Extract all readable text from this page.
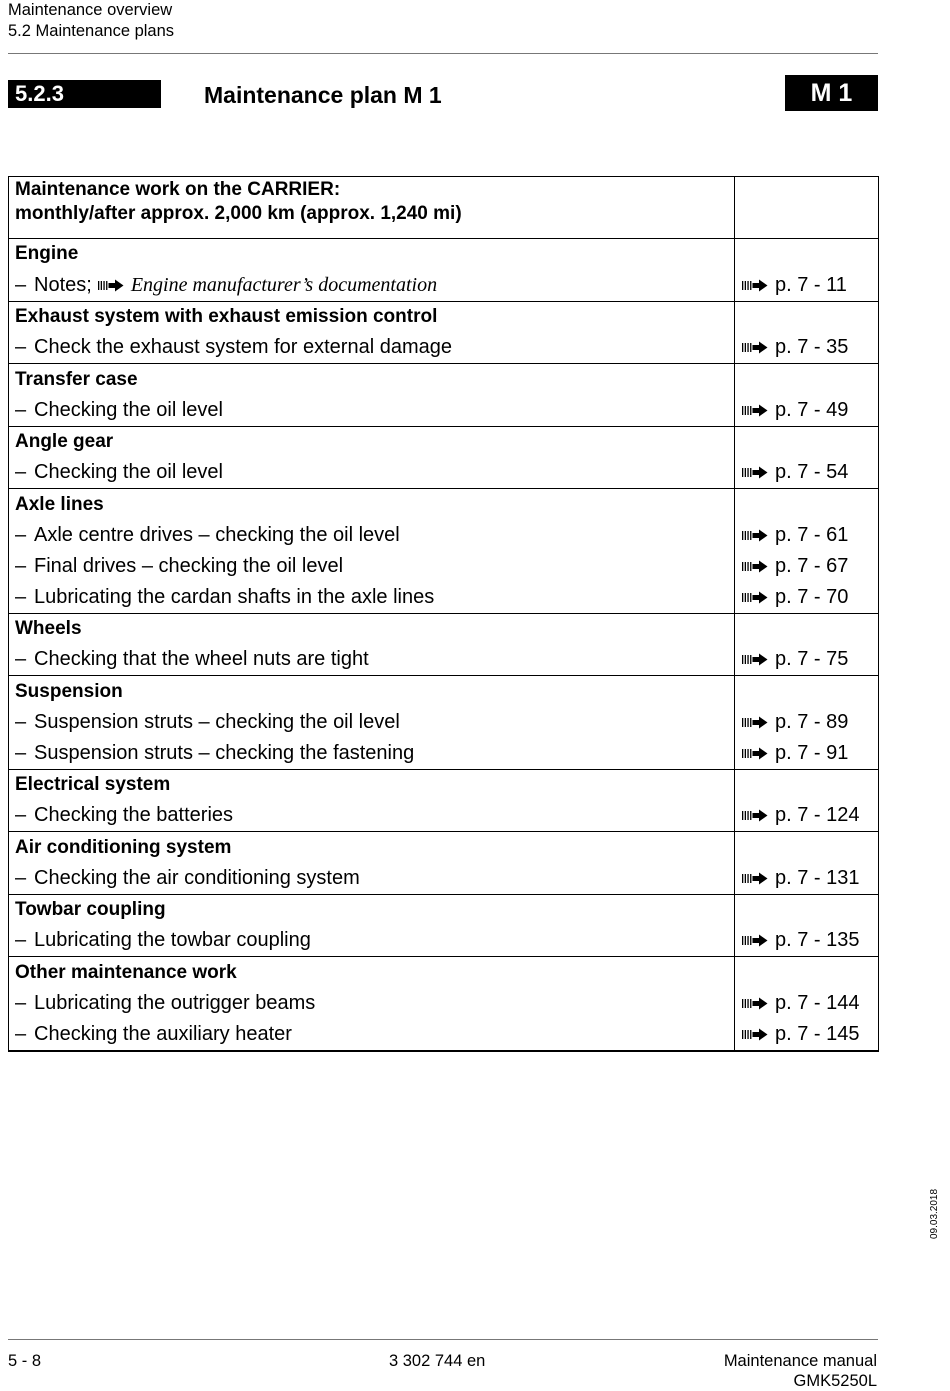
Maintenance overview
5.2 Maintenance plans
5.2.3	Maintenance plan M 1	M 1
Maintenance work on the CARRIER:
monthly/after approx. 2,000 km (approx. 1,240 mi)
Engine
– Notes; Engine manufacturer’s documentation	p. 7 - 11
Exhaust system with exhaust emission control
– Check the exhaust system for external damage	p. 7 - 35
Transfer case
– Checking the oil level	p. 7 - 49
Angle gear
– Checking the oil level	p. 7 - 54
Axle lines
– Axle centre drives – checking the oil level	p. 7 - 61
– Final drives – checking the oil level	p. 7 - 67
– Lubricating the cardan shafts in the axle lines	p. 7 - 70
Wheels
– Checking that the wheel nuts are tight	p. 7 - 75
Suspension
– Suspension struts – checking the oil level	p. 7 - 89
– Suspension struts – checking the fastening	p. 7 - 91
Electrical system
– Checking the batteries	p. 7 - 124
Air conditioning system
– Checking the air conditioning system	p. 7 - 131
Towbar coupling
– Lubricating the towbar coupling	p. 7 - 135
Other maintenance work
– Lubricating the outrigger beams	p. 7 - 144
– Checking the auxiliary heater	p. 7 - 145
09.03.2018
5 - 8	3 302 744 en	Maintenance manual
GMK5250L
